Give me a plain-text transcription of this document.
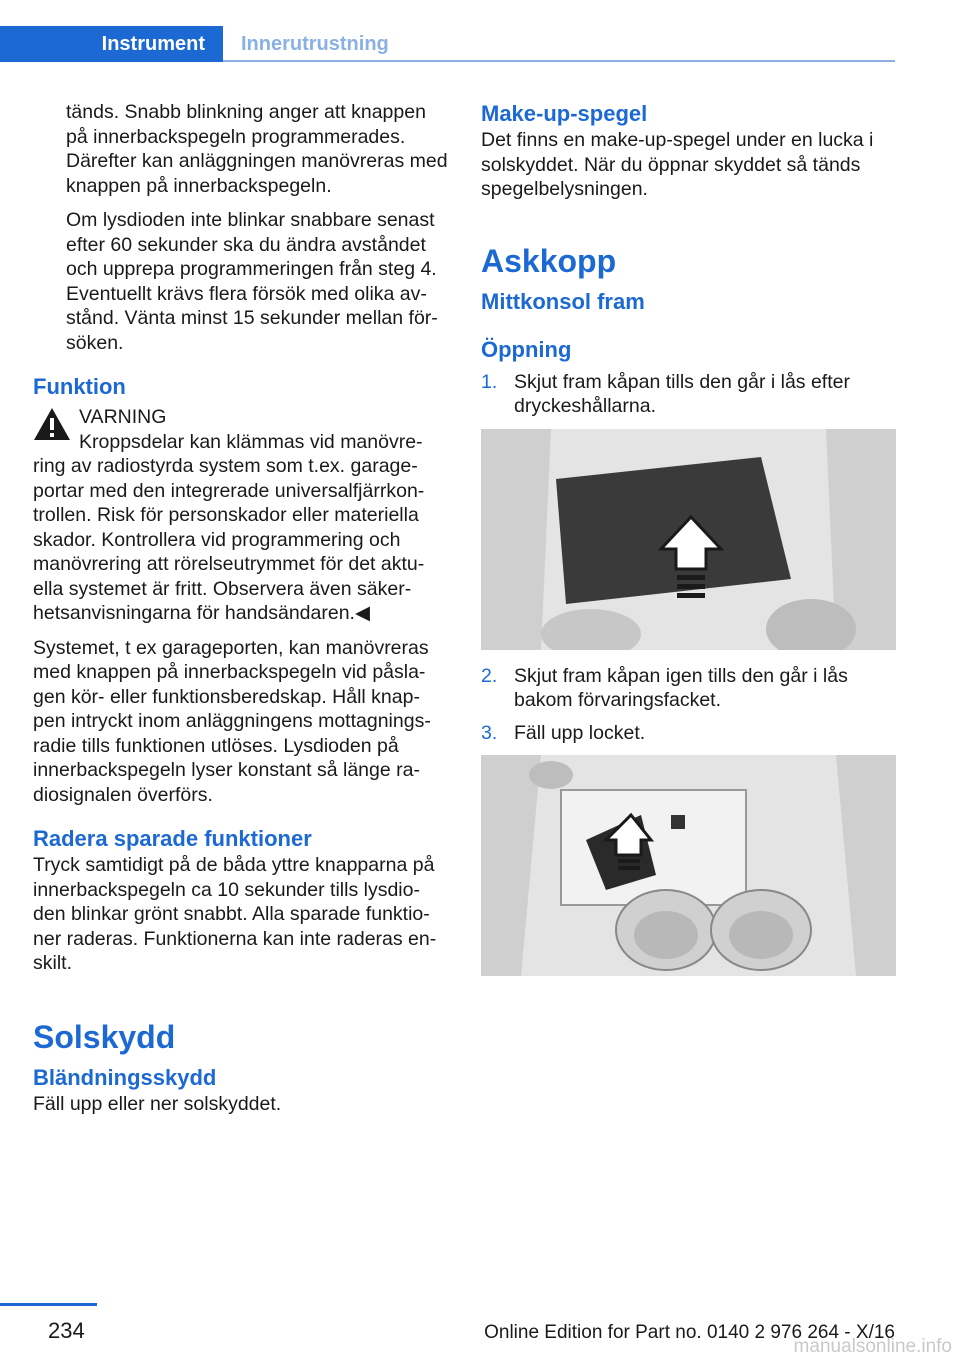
Instrument Innerutrustning

tänds. Snabb blinkning anger att knappen på innerbackspegeln programmerades. Därefter kan anläggningen manövreras med knappen på innerbackspegeln.

Om lysdioden inte blinkar snabbare senast efter 60 sekunder ska du ändra avståndet och upprepa programmeringen från steg 4. Eventuellt krävs flera försök med olika av-stånd. Vänta minst 15 sekunder mellan för-söken.

Funktion
VARNING

Kroppsdelar kan klämmas vid manövre-ring av radiostyrda system som t.ex. garage-portar med den integrerade universalfjärrkon-trollen. Risk för personskador eller materiella skador. Kontrollera vid programmering och manövrering att rörelseutrymmet för det aktu-ella systemet är fritt. Observera även säker-hetsanvisningarna för handsändaren.◀

Systemet, t ex garageporten, kan manövreras med knappen på innerbackspegeln vid påsla-gen kör- eller funktionsberedskap. Håll knap-pen intryckt inom anläggningens mottagnings-radie tills funktionen utlöses. Lysdioden på innerbackspegeln lyser konstant så länge ra-diosignalen överförs.

Radera sparade funktioner

Tryck samtidigt på de båda yttre knapparna på innerbackspegeln ca 10 sekunder tills lysdio-den blinkar grönt snabbt. Alla sparade funktio-ner raderas. Funktionerna kan inte raderas en-skilt.

Solskydd
Bländningsskydd

Fäll upp eller ner solskyddet.

Make-up-spegel

Det finns en make-up-spegel under en lucka i solskyddet. När du öppnar skyddet så tänds spegelbelysningen.

Askkopp
Mittkonsol fram
Öppning
1. Skjut fram kåpan tills den går i lås efter dryckeshållarna.
2. Skjut fram kåpan igen tills den går i lås bakom förvaringsfacket.
3. Fäll upp locket.
234	Online Edition for Part no. 0140 2 976 264 - X/16
manualsonline.info
